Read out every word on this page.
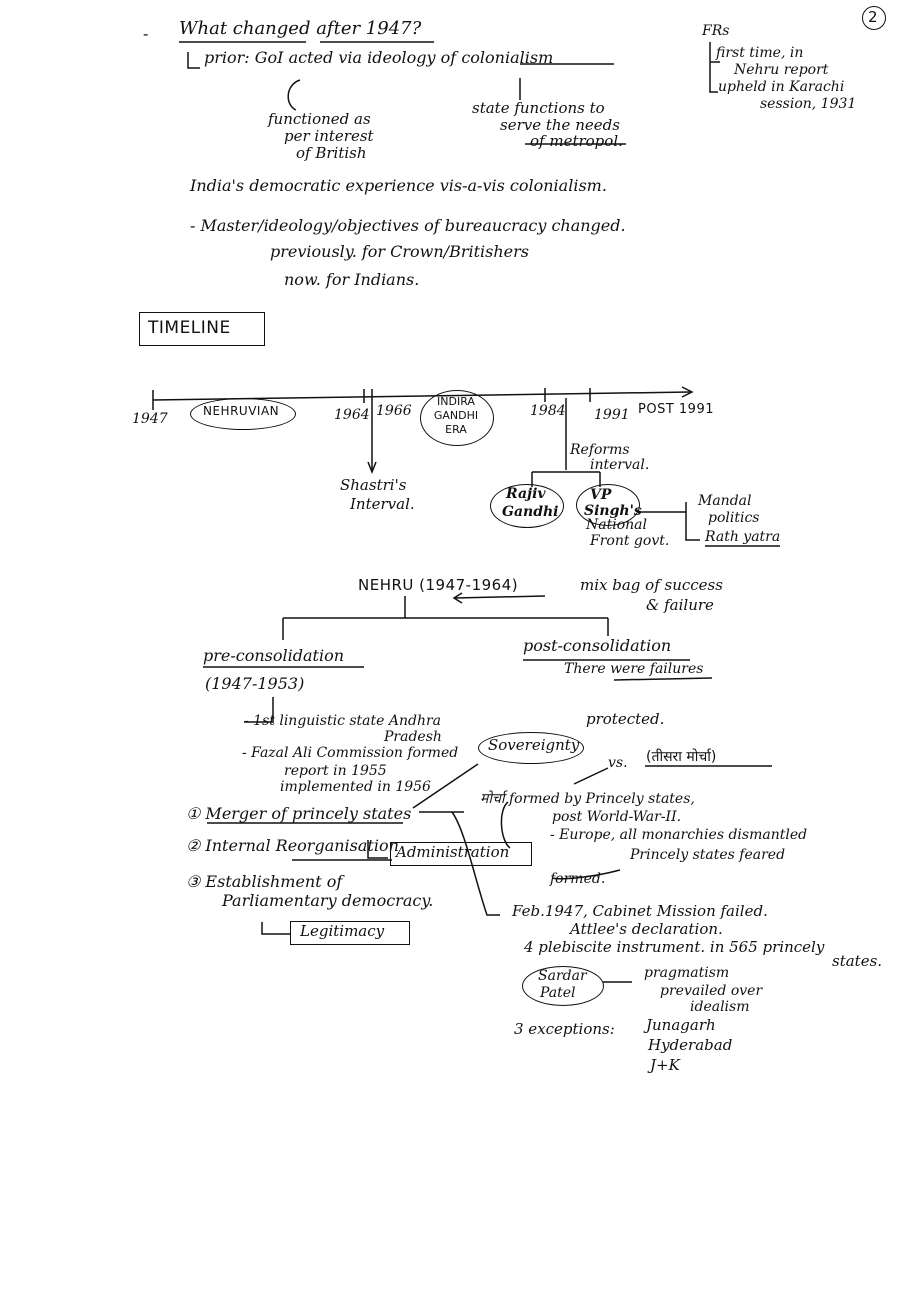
2
- What changed after 1947?
prior: GoI acted via ideology of colonialism
functioned as
per interest
of British
state functions to
serve the needs
of metropol.
FRs
first time, in
Nehru report
upheld in Karachi
session, 1931
India's democratic experience vis-a-vis colonialism.
- Master/ideology/objectives of bureaucracy changed.
previously. for Crown/Britishers
now. for Indians.
TIMELINE
1947	NEHRUVIAN	1964 1966
INDIRA
GANDHI
ERA
1984 1991 POST 1991
Shastri's
Interval.
Reforms
interval.
Rajiv
Gandhi
VP
Singh's
National
Front govt.
Mandal
politics
Rath yatra
NEHRU (1947-1964)	mix bag of success
& failure
pre-consolidation
(1947-1953)
post-consolidation
There were failures
- 1st linguistic state Andhra
Pradesh
- Fazal Ali Commission formed
report in 1955
implemented in 1956
Sovereignty
protected.
vs. (तीसरा मोर्चा)
① Merger of princely states
② Internal Reorganisation
③ Establishment of
Parliamentary democracy.
Administration
Legitimacy
मोर्चा formed by Princely states,
post World-War-II.
- Europe, all monarchies dismantled
Princely states feared
formed.
Feb.1947, Cabinet Mission failed.
Attlee's declaration.
4 plebiscite instrument. in 565 princely
states.
Sardar
Patel
pragmatism
prevailed over
idealism
3 exceptions: Junagarh
Hyderabad
J+K
